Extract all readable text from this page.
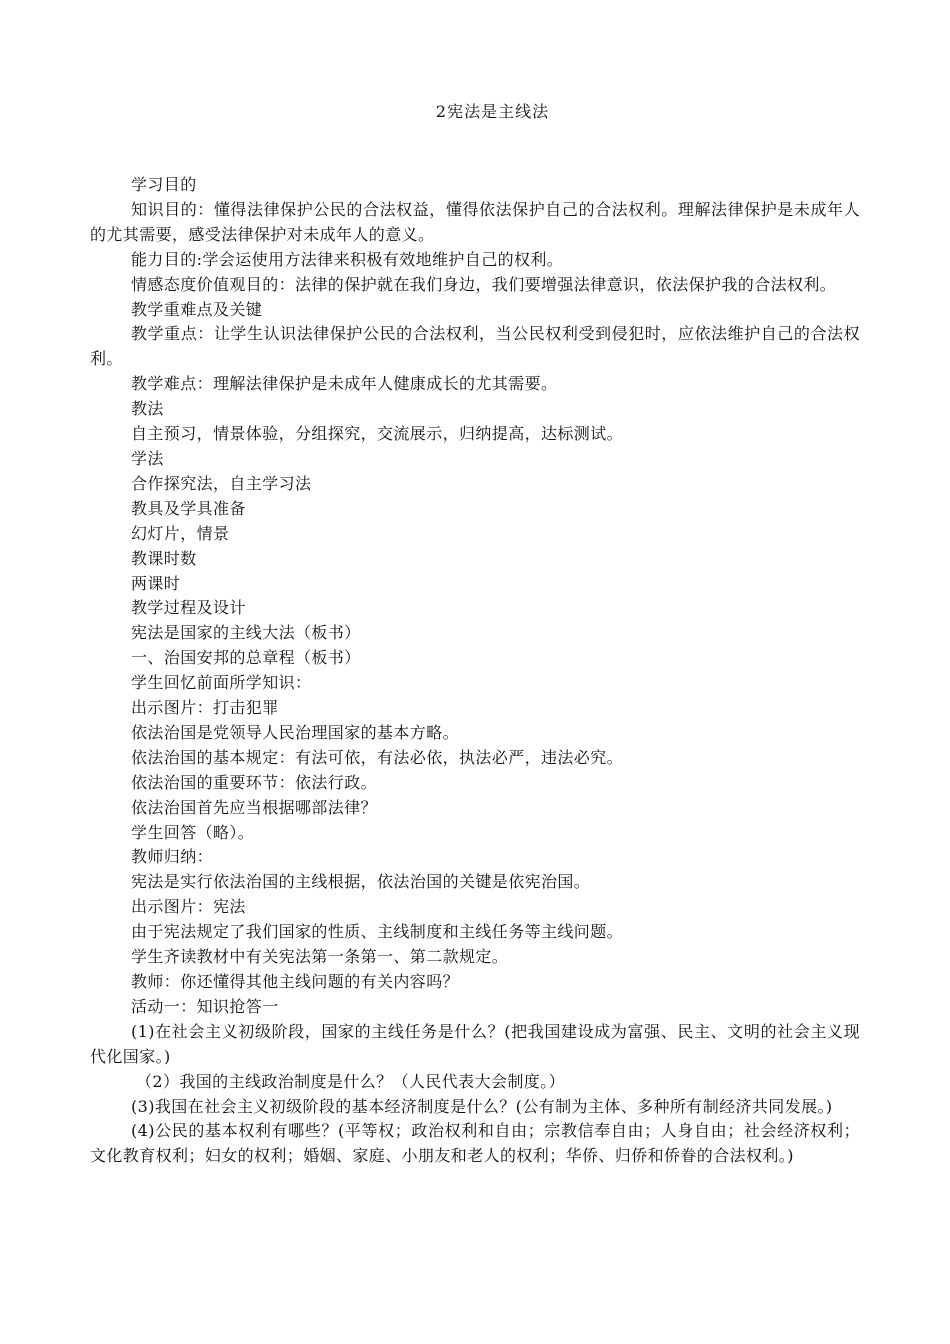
2宪法是主线法

学习目的

知识目的：懂得法律保护公民的合法权益，懂得依法保护自己的合法权利。理解法律保护是未成年人的尤其需要，感受法律保护对未成年人的意义。

能力目的:学会运使用方法律来积极有效地维护自己的权利。

情感态度价值观目的：法律的保护就在我们身边，我们要增强法律意识，依法保护我的合法权利。

教学重难点及关键

教学重点：让学生认识法律保护公民的合法权利，当公民权利受到侵犯时，应依法维护自己的合法权利。

教学难点：理解法律保护是未成年人健康成长的尤其需要。

教法

自主预习，情景体验，分组探究，交流展示，归纳提高，达标测试。

学法

合作探究法，自主学习法

教具及学具准备

幻灯片，情景

教课时数

两课时

教学过程及设计

宪法是国家的主线大法（板书）

一、治国安邦的总章程（板书）

学生回忆前面所学知识：

出示图片：打击犯罪

依法治国是党领导人民治理国家的基本方略。

依法治国的基本规定：有法可依，有法必依，执法必严，违法必究。

依法治国的重要环节：依法行政。

依法治国首先应当根据哪部法律？

学生回答（略）。

教师归纳：

宪法是实行依法治国的主线根据，依法治国的关键是依宪治国。

出示图片：宪法

由于宪法规定了我们国家的性质、主线制度和主线任务等主线问题。

学生齐读教材中有关宪法第一条第一、第二款规定。

教师：你还懂得其他主线问题的有关内容吗？

活动一：知识抢答一

(1)在社会主义初级阶段，国家的主线任务是什么？(把我国建设成为富强、民主、文明的社会主义现代化国家。)

（2）我国的主线政治制度是什么？（人民代表大会制度。）

(3)我国在社会主义初级阶段的基本经济制度是什么？(公有制为主体、多种所有制经济共同发展。)

(4)公民的基本权利有哪些？(平等权；政治权利和自由；宗教信奉自由；人身自由；社会经济权利；文化教育权利；妇女的权利；婚姻、家庭、小朋友和老人的权利；华侨、归侨和侨眷的合法权利。)
